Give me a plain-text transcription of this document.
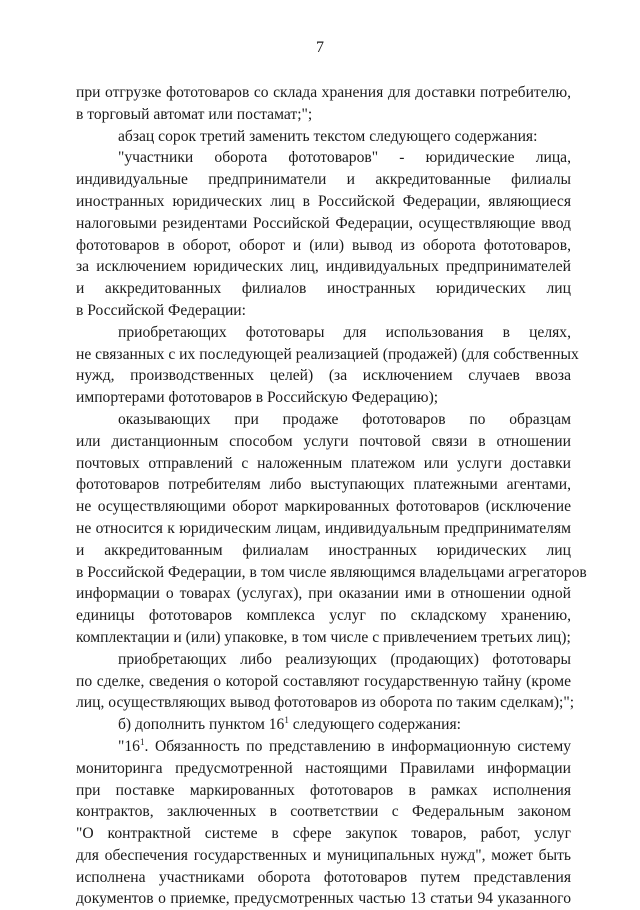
7
при отгрузке фототоваров со склада хранения для доставки потребителю,
в торговый автомат или постамат;";
абзац сорок третий заменить текстом следующего содержания:
"участники оборота фототоваров" - юридические лица,
индивидуальные предприниматели и аккредитованные филиалы
иностранных юридических лиц в Российской Федерации, являющиеся
налоговыми резидентами Российской Федерации, осуществляющие ввод
фототоваров в оборот, оборот и (или) вывод из оборота фототоваров,
за исключением юридических лиц, индивидуальных предпринимателей
и аккредитованных филиалов иностранных юридических лиц
в Российской Федерации:
приобретающих фототовары для использования в целях,
не связанных с их последующей реализацией (продажей) (для собственных
нужд, производственных целей) (за исключением случаев ввоза
импортерами фототоваров в Российскую Федерацию);
оказывающих при продаже фототоваров по образцам
или дистанционным способом услуги почтовой связи в отношении
почтовых отправлений с наложенным платежом или услуги доставки
фототоваров потребителям либо выступающих платежными агентами,
не осуществляющими оборот маркированных фототоваров (исключение
не относится к юридическим лицам, индивидуальным предпринимателям
и аккредитованным филиалам иностранных юридических лиц
в Российской Федерации, в том числе являющимся владельцами агрегаторов
информации о товарах (услугах), при оказании ими в отношении одной
единицы фототоваров комплекса услуг по складскому хранению,
комплектации и (или) упаковке, в том числе с привлечением третьих лиц);
приобретающих либо реализующих (продающих) фототовары
по сделке, сведения о которой составляют государственную тайну (кроме
лиц, осуществляющих вывод фототоваров из оборота по таким сделкам);";
б) дополнить пунктом $16^1$ следующего содержания:
"$16^1$. Обязанность по представлению в информационную систему
мониторинга предусмотренной настоящими Правилами информации
при поставке маркированных фототоваров в рамках исполнения
контрактов, заключенных в соответствии с Федеральным законом
"О контрактной системе в сфере закупок товаров, работ, услуг
для обеспечения государственных и муниципальных нужд", может быть
исполнена участниками оборота фототоваров путем представления
документов о приемке, предусмотренных частью 13 статьи 94 указанного
